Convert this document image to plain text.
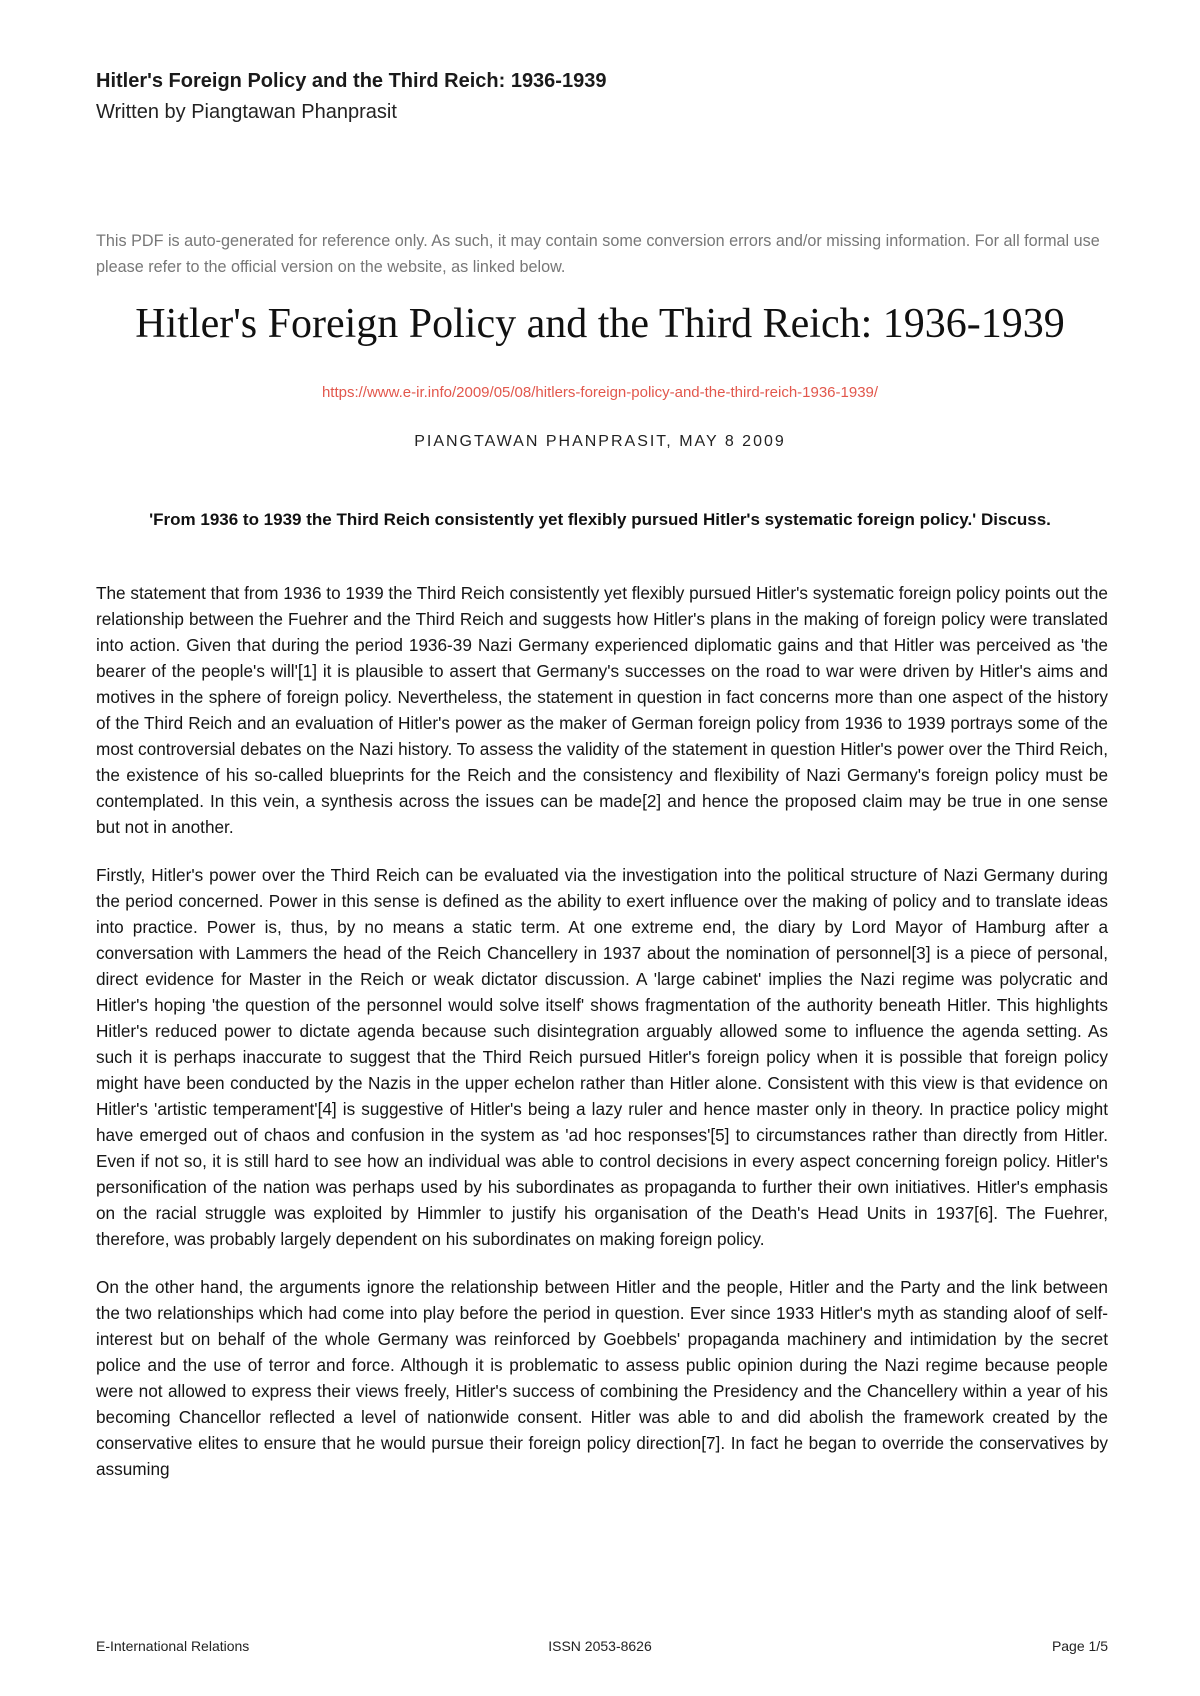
Hitler's Foreign Policy and the Third Reich: 1936-1939
Written by Piangtawan Phanprasit
This PDF is auto-generated for reference only. As such, it may contain some conversion errors and/or missing information. For all formal use please refer to the official version on the website, as linked below.
Hitler's Foreign Policy and the Third Reich: 1936-1939
https://www.e-ir.info/2009/05/08/hitlers-foreign-policy-and-the-third-reich-1936-1939/
PIANGTAWAN PHANPRASIT, MAY 8 2009
'From 1936 to 1939 the Third Reich consistently yet flexibly pursued Hitler's systematic foreign policy.' Discuss.

The statement that from 1936 to 1939 the Third Reich consistently yet flexibly pursued Hitler's systematic foreign policy points out the relationship between the Fuehrer and the Third Reich and suggests how Hitler's plans in the making of foreign policy were translated into action. Given that during the period 1936-39 Nazi Germany experienced diplomatic gains and that Hitler was perceived as 'the bearer of the people's will'[1] it is plausible to assert that Germany's successes on the road to war were driven by Hitler's aims and motives in the sphere of foreign policy. Nevertheless, the statement in question in fact concerns more than one aspect of the history of the Third Reich and an evaluation of Hitler's power as the maker of German foreign policy from 1936 to 1939 portrays some of the most controversial debates on the Nazi history. To assess the validity of the statement in question Hitler's power over the Third Reich, the existence of his so-called blueprints for the Reich and the consistency and flexibility of Nazi Germany's foreign policy must be contemplated. In this vein, a synthesis across the issues can be made[2] and hence the proposed claim may be true in one sense but not in another.

Firstly, Hitler's power over the Third Reich can be evaluated via the investigation into the political structure of Nazi Germany during the period concerned. Power in this sense is defined as the ability to exert influence over the making of policy and to translate ideas into practice. Power is, thus, by no means a static term. At one extreme end, the diary by Lord Mayor of Hamburg after a conversation with Lammers the head of the Reich Chancellery in 1937 about the nomination of personnel[3] is a piece of personal, direct evidence for Master in the Reich or weak dictator discussion. A 'large cabinet' implies the Nazi regime was polycratic and Hitler's hoping 'the question of the personnel would solve itself' shows fragmentation of the authority beneath Hitler. This highlights Hitler's reduced power to dictate agenda because such disintegration arguably allowed some to influence the agenda setting. As such it is perhaps inaccurate to suggest that the Third Reich pursued Hitler's foreign policy when it is possible that foreign policy might have been conducted by the Nazis in the upper echelon rather than Hitler alone. Consistent with this view is that evidence on Hitler's 'artistic temperament'[4] is suggestive of Hitler's being a lazy ruler and hence master only in theory. In practice policy might have emerged out of chaos and confusion in the system as 'ad hoc responses'[5] to circumstances rather than directly from Hitler. Even if not so, it is still hard to see how an individual was able to control decisions in every aspect concerning foreign policy. Hitler's personification of the nation was perhaps used by his subordinates as propaganda to further their own initiatives. Hitler's emphasis on the racial struggle was exploited by Himmler to justify his organisation of the Death's Head Units in 1937[6]. The Fuehrer, therefore, was probably largely dependent on his subordinates on making foreign policy.

On the other hand, the arguments ignore the relationship between Hitler and the people, Hitler and the Party and the link between the two relationships which had come into play before the period in question. Ever since 1933 Hitler's myth as standing aloof of self-interest but on behalf of the whole Germany was reinforced by Goebbels' propaganda machinery and intimidation by the secret police and the use of terror and force. Although it is problematic to assess public opinion during the Nazi regime because people were not allowed to express their views freely, Hitler's success of combining the Presidency and the Chancellery within a year of his becoming Chancellor reflected a level of nationwide consent. Hitler was able to and did abolish the framework created by the conservative elites to ensure that he would pursue their foreign policy direction[7]. In fact he began to override the conservatives by assuming

E-International Relations	ISSN 2053-8626	Page 1/5
